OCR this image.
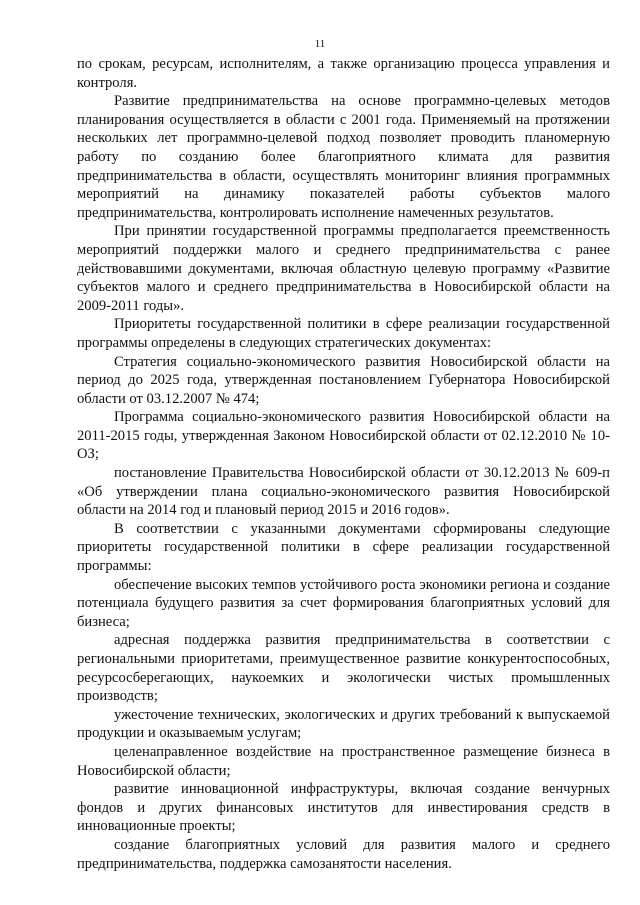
11

по срокам, ресурсам, исполнителям, а также организацию процесса управления и контроля.

Развитие предпринимательства на основе программно-целевых методов планирования осуществляется в области с 2001 года. Применяемый на протяжении нескольких лет программно-целевой подход позволяет проводить планомерную работу по созданию более благоприятного климата для развития предпринимательства в области, осуществлять мониторинг влияния программных мероприятий на динамику показателей работы субъектов малого предпринимательства, контролировать исполнение намеченных результатов.

При принятии государственной программы предполагается преемственность мероприятий поддержки малого и среднего предпринимательства с ранее действовавшими документами, включая областную целевую программу «Развитие субъектов малого и среднего предпринимательства в Новосибирской области на 2009-2011 годы».

Приоритеты государственной политики в сфере реализации государственной программы определены в следующих стратегических документах:

Стратегия социально-экономического развития Новосибирской области на период до 2025 года, утвержденная постановлением Губернатора Новосибирской области от 03.12.2007 № 474;

Программа социально-экономического развития Новосибирской области на 2011-2015 годы, утвержденная Законом Новосибирской области от 02.12.2010 № 10-ОЗ;

постановление Правительства Новосибирской области от 30.12.2013 № 609-п «Об утверждении плана социально-экономического развития Новосибирской области на 2014 год и плановый период 2015 и 2016 годов».

В соответствии с указанными документами сформированы следующие приоритеты государственной политики в сфере реализации государственной программы:

обеспечение высоких темпов устойчивого роста экономики региона и создание потенциала будущего развития за счет формирования благоприятных условий для бизнеса;

адресная поддержка развития предпринимательства в соответствии с региональными приоритетами, преимущественное развитие конкурентоспособных, ресурсосберегающих, наукоемких и экологически чистых промышленных производств;

ужесточение технических, экологических и других требований к выпускаемой продукции и оказываемым услугам;

целенаправленное воздействие на пространственное размещение бизнеса в Новосибирской области;

развитие инновационной инфраструктуры, включая создание венчурных фондов и других финансовых институтов для инвестирования средств в инновационные проекты;

создание благоприятных условий для развития малого и среднего предпринимательства, поддержка самозанятости населения.
